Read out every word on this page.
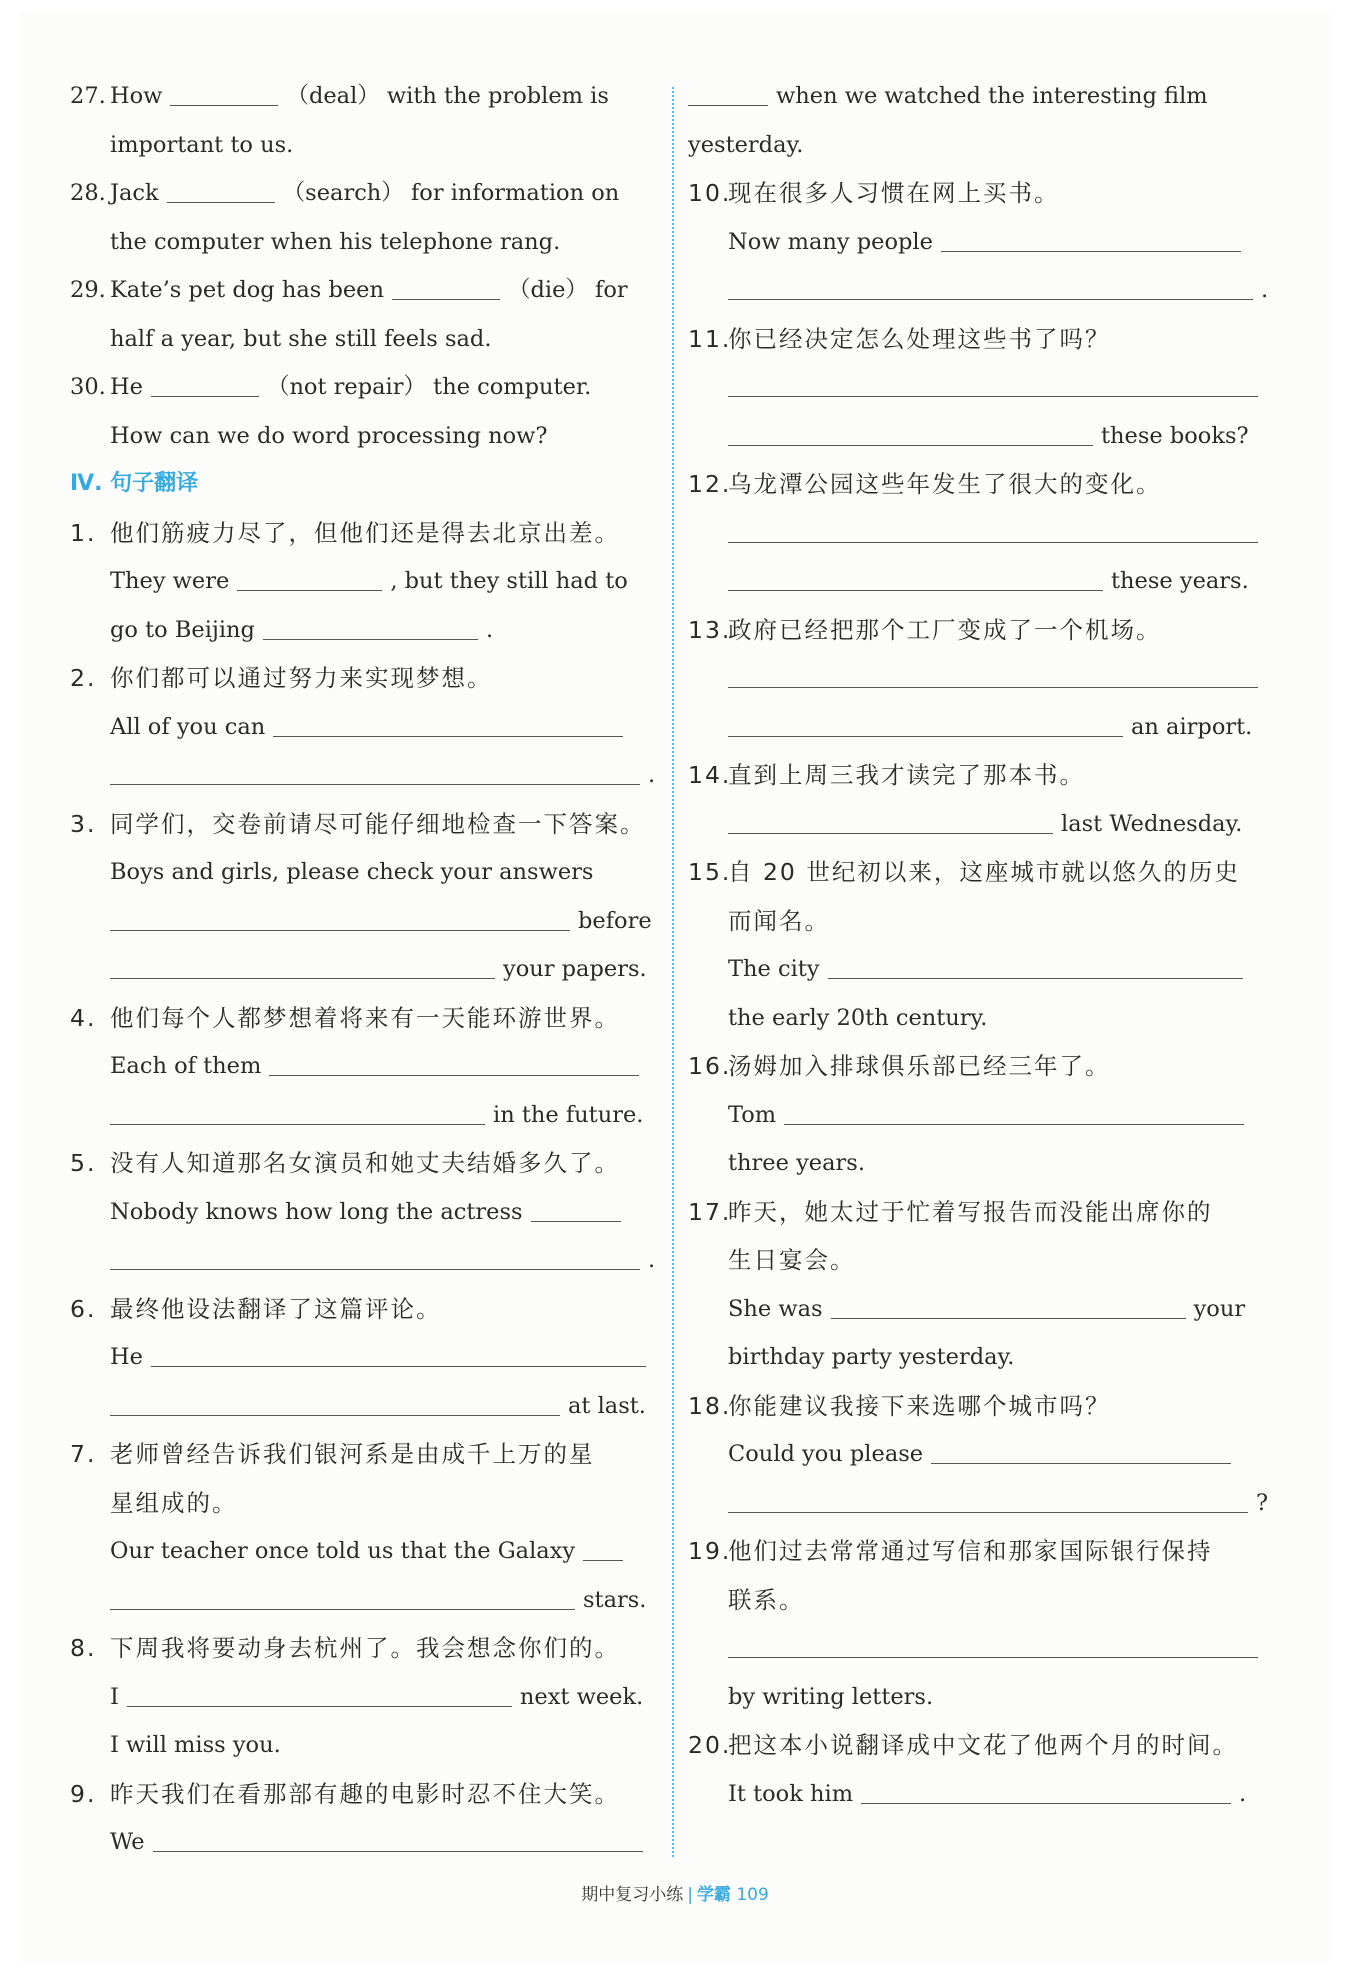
27. How	（deal） with the problem is
important to us.
28. Jack	（search） for information on
the computer when his telephone rang.
29. Kate’s pet dog has been	（die） for
half a year, but she still feels sad.
30. He	（not repair） the computer.
How can we do word processing now?
Ⅳ. 句子翻译
1. 他们筋疲力尽了，但他们还是得去北京出差。
They were	, but they still had to
go to Beijing	.
2. 你们都可以通过努力来实现梦想。
All of you can
.
3. 同学们，交卷前请尽可能仔细地检查一下答案。
Boys and girls, please check your answers
before
your papers.
4. 他们每个人都梦想着将来有一天能环游世界。
Each of them
in the future.
5. 没有人知道那名女演员和她丈夫结婚多久了。
Nobody knows how long the actress
.
6. 最终他设法翻译了这篇评论。
He
at last.
7. 老师曾经告诉我们银河系是由成千上万的星
星组成的。
Our teacher once told us that the Galaxy
stars.
8. 下周我将要动身去杭州了。我会想念你们的。
I	next week.
I will miss you.
9. 昨天我们在看那部有趣的电影时忍不住大笑。
We
when we watched the interesting film
yesterday.
10.现在很多人习惯在网上买书。
Now many people
.
11.你已经决定怎么处理这些书了吗？
these books?
12.乌龙潭公园这些年发生了很大的变化。
these years.
13.政府已经把那个工厂变成了一个机场。
an airport.
14.直到上周三我才读完了那本书。
last Wednesday.
15.自 20 世纪初以来，这座城市就以悠久的历史
而闻名。
The city
the early 20th century.
16.汤姆加入排球俱乐部已经三年了。
Tom
three years.
17.昨天，她太过于忙着写报告而没能出席你的
生日宴会。
She was	your
birthday party yesterday.
18.你能建议我接下来选哪个城市吗？
Could you please
?
19.他们过去常常通过写信和那家国际银行保持
联系。
by writing letters.
20.把这本小说翻译成中文花了他两个月的时间。
It took him	.
期中复习小练 | 学霸 109
